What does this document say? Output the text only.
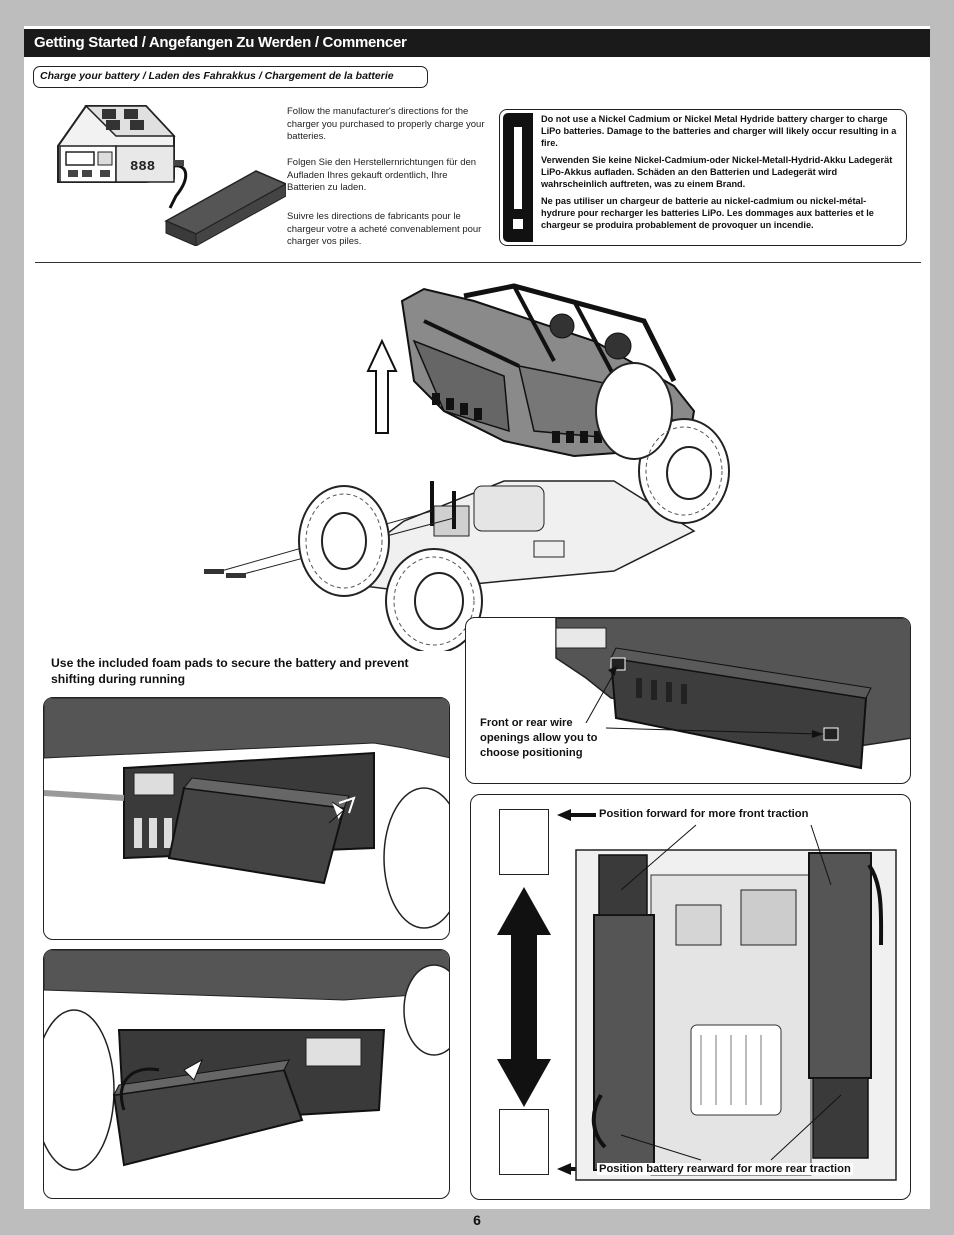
Getting Started / Angefangen Zu Werden / Commencer
Charge your battery / Laden des Fahrakkus / Chargement de la batterie
888
Follow the manufacturer's directions for the charger you purchased to properly charge your batteries.
Folgen Sie den Herstellernrichtungen für den Aufladen Ihres gekauft ordentlich, Ihre Batterien zu laden.
Suivre les directions de fabricants pour le chargeur votre a acheté convenablement pour charger vos piles.
Do not use a Nickel Cadmium or Nickel Metal Hydride battery charger to charge LiPo batteries. Damage to the batteries and charger will likely occur resulting in a fire.
Verwenden Sie keine Nickel-Cadmium-oder Nickel-Metall-Hydrid-Akku Ladegerät LiPo-Akkus aufladen. Schäden an den Batterien und Ladegerät wird wahrscheinlich auftreten, was zu einem Brand.
Ne pas utiliser un chargeur de batterie au nickel-cadmium ou nickel-métal-hydrure pour recharger les batteries LiPo. Les dommages aux batteries et le chargeur se produira probablement de provoquer un incendie.
Use the included foam pads to secure the battery and prevent shifting during running
Front or rear wire openings allow you to choose positioning
Position forward for more front traction
Position battery rearward for more rear traction
6
